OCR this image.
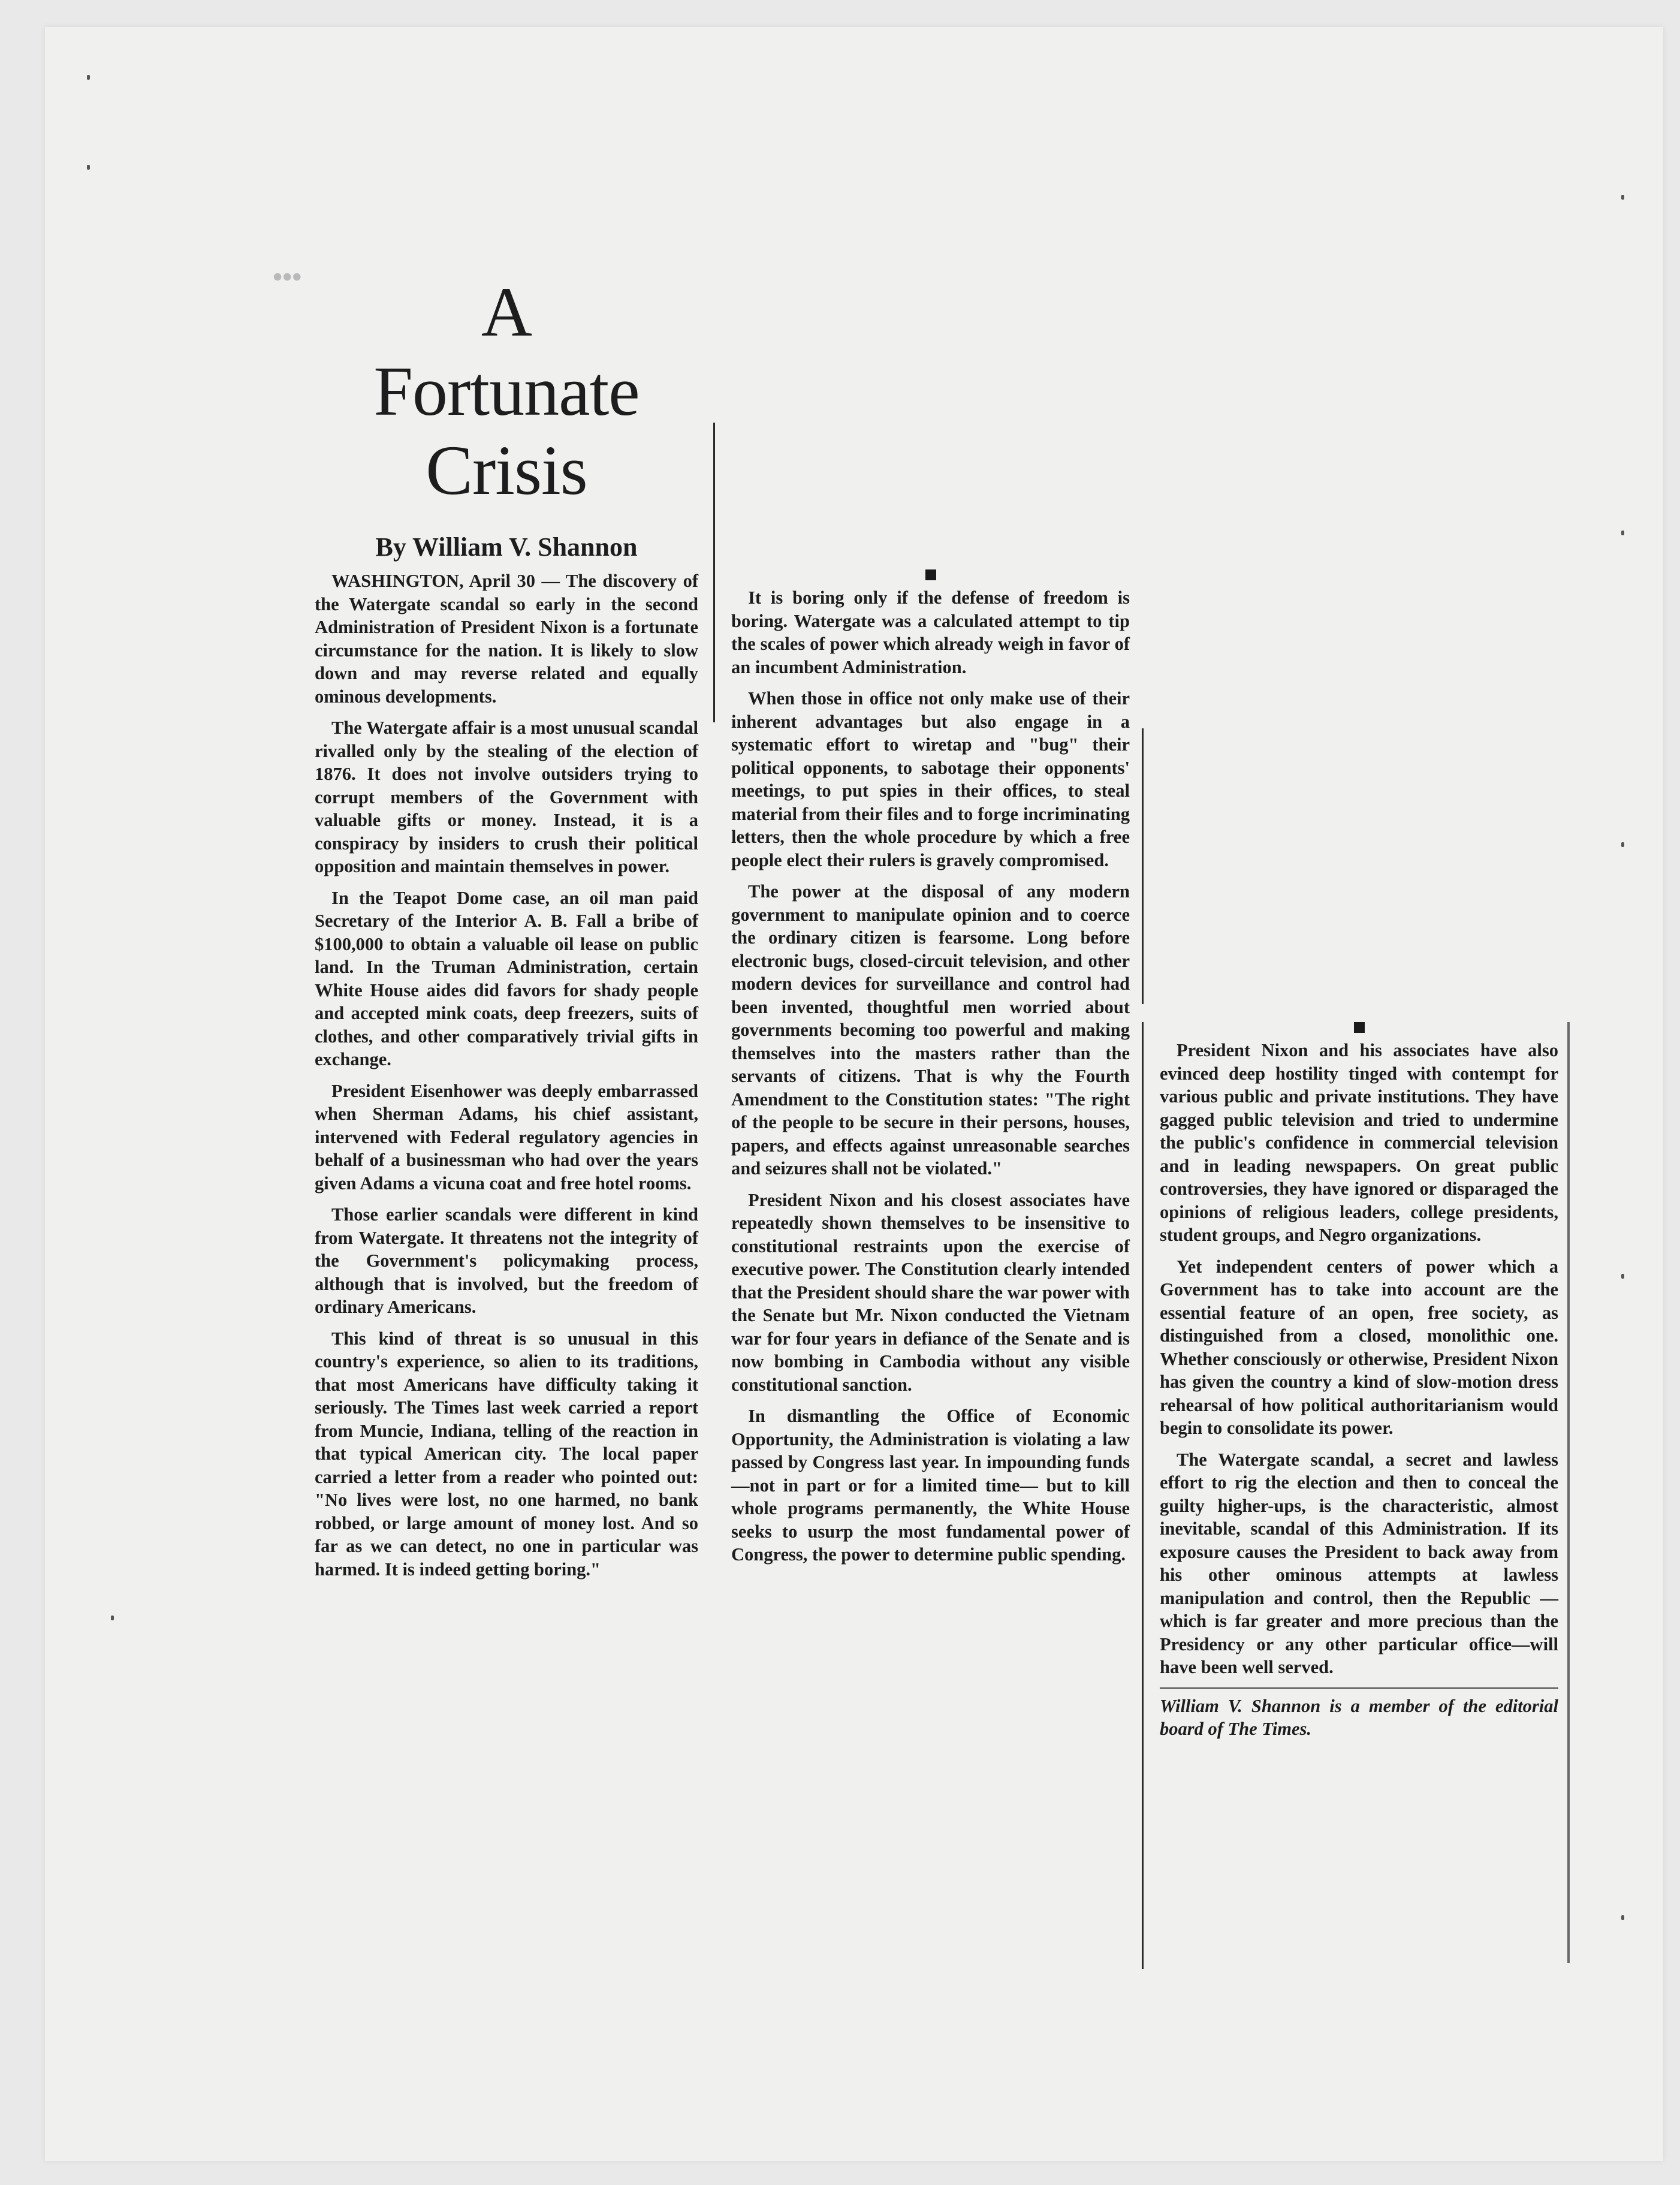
•••	A
Fortunate
Crisis
By William V. Shannon

WASHINGTON, April 30 — The discovery of the Watergate scandal so early in the second Administration of President Nixon is a fortunate circumstance for the nation. It is likely to slow down and may reverse related and equally ominous developments.

The Watergate affair is a most unusual scandal rivalled only by the stealing of the election of 1876. It does not involve outsiders trying to corrupt members of the Government with valuable gifts or money. Instead, it is a conspiracy by insiders to crush their political opposition and maintain themselves in power.

In the Teapot Dome case, an oil man paid Secretary of the Interior A. B. Fall a bribe of $100,000 to obtain a valuable oil lease on public land. In the Truman Administration, certain White House aides did favors for shady people and accepted mink coats, deep freezers, suits of clothes, and other comparatively trivial gifts in exchange.

President Eisenhower was deeply embarrassed when Sherman Adams, his chief assistant, intervened with Federal regulatory agencies in behalf of a businessman who had over the years given Adams a vicuna coat and free hotel rooms.

Those earlier scandals were different in kind from Watergate. It threatens not the integrity of the Government's policymaking process, although that is involved, but the freedom of ordinary Americans.

This kind of threat is so unusual in this country's experience, so alien to its traditions, that most Americans have difficulty taking it seriously. The Times last week carried a report from Muncie, Indiana, telling of the reaction in that typical American city. The local paper carried a letter from a reader who pointed out: "No lives were lost, no one harmed, no bank robbed, or large amount of money lost. And so far as we can detect, no one in particular was harmed. It is indeed getting boring."

It is boring only if the defense of freedom is boring. Watergate was a calculated attempt to tip the scales of power which already weigh in favor of an incumbent Administration.

When those in office not only make use of their inherent advantages but also engage in a systematic effort to wiretap and "bug" their political opponents, to sabotage their opponents' meetings, to put spies in their offices, to steal material from their files and to forge incriminating letters, then the whole procedure by which a free people elect their rulers is gravely compromised.

The power at the disposal of any modern government to manipulate opinion and to coerce the ordinary citizen is fearsome. Long before electronic bugs, closed-circuit television, and other modern devices for surveillance and control had been invented, thoughtful men worried about governments becoming too powerful and making themselves into the masters rather than the servants of citizens. That is why the Fourth Amendment to the Constitution states: "The right of the people to be secure in their persons, houses, papers, and effects against unreasonable searches and seizures shall not be violated."

President Nixon and his closest associates have repeatedly shown themselves to be insensitive to constitutional restraints upon the exercise of executive power. The Constitution clearly intended that the President should share the war power with the Senate but Mr. Nixon conducted the Vietnam war for four years in defiance of the Senate and is now bombing in Cambodia without any visible constitutional sanction.

In dismantling the Office of Economic Opportunity, the Administration is violating a law passed by Congress last year. In impounding funds —not in part or for a limited time— but to kill whole programs permanently, the White House seeks to usurp the most fundamental power of Congress, the power to determine public spending.

President Nixon and his associates have also evinced deep hostility tinged with contempt for various public and private institutions. They have gagged public television and tried to undermine the public's confidence in commercial television and in leading newspapers. On great public controversies, they have ignored or disparaged the opinions of religious leaders, college presidents, student groups, and Negro organizations.

Yet independent centers of power which a Government has to take into account are the essential feature of an open, free society, as distinguished from a closed, monolithic one. Whether consciously or otherwise, President Nixon has given the country a kind of slow-motion dress rehearsal of how political authoritarianism would begin to consolidate its power.

The Watergate scandal, a secret and lawless effort to rig the election and then to conceal the guilty higher-ups, is the characteristic, almost inevitable, scandal of this Administration. If its exposure causes the President to back away from his other ominous attempts at lawless manipulation and control, then the Republic — which is far greater and more precious than the Presidency or any other particular office—will have been well served.

William V. Shannon is a member of the editorial board of The Times.
